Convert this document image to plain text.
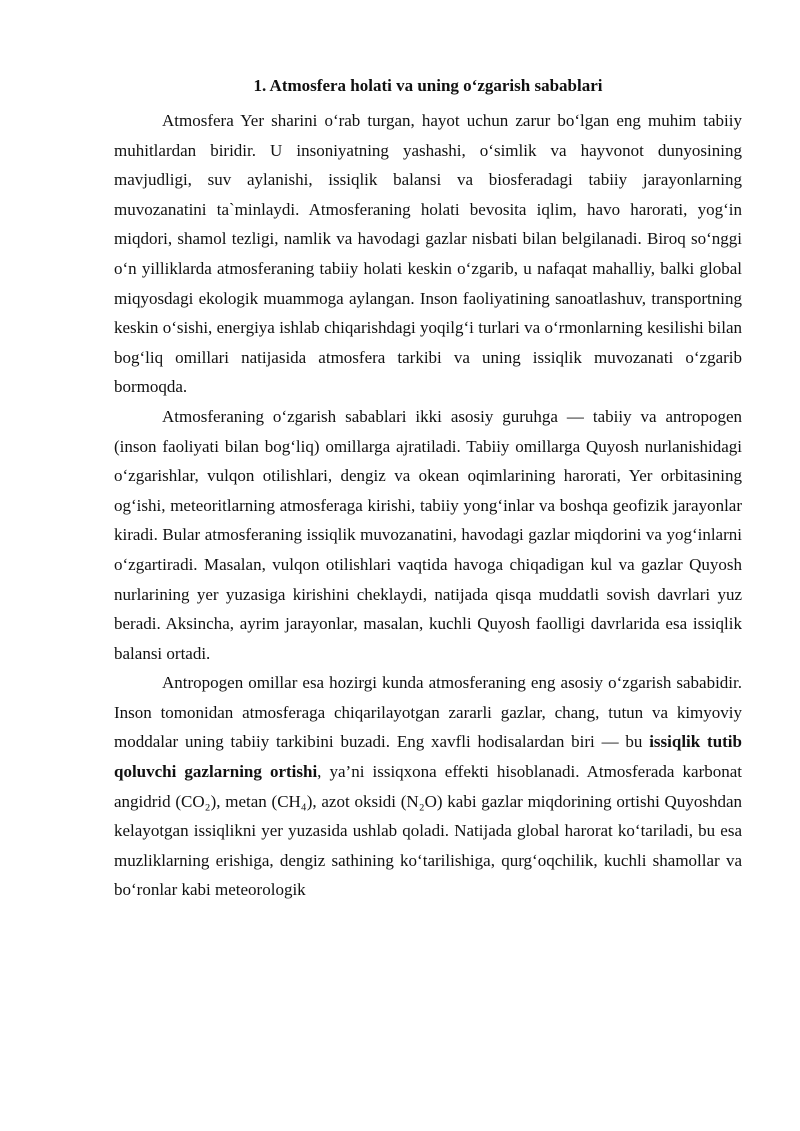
1. Atmosfera holati va uning o‘zgarish sabablari

Atmosfera Yer sharini o‘rab turgan, hayot uchun zarur bo‘lgan eng muhim tabiiy muhitlardan biridir. U insoniyatning yashashi, o‘simlik va hayvonot dunyosining mavjudligi, suv aylanishi, issiqlik balansi va biosferadagi tabiiy jarayonlarning muvozanatini ta`minlaydi. Atmosferaning holati bevosita iqlim, havo harorati, yog‘in miqdori, shamol tezligi, namlik va havodagi gazlar nisbati bilan belgilanadi. Biroq so‘nggi o‘n yilliklarda atmosferaning tabiiy holati keskin o‘zgarib, u nafaqat mahalliy, balki global miqyosdagi ekologik muammoga aylangan. Inson faoliyatining sanoatlashuv, transportning keskin o‘sishi, energiya ishlab chiqarishdagi yoqilg‘i turlari va o‘rmonlarning kesilishi bilan bog‘liq omillari natijasida atmosfera tarkibi va uning issiqlik muvozanati o‘zgarib bormoqda.

Atmosferaning o‘zgarish sabablari ikki asosiy guruhga — tabiiy va antropogen (inson faoliyati bilan bog‘liq) omillarga ajratiladi. Tabiiy omillarga Quyosh nurlanishidagi o‘zgarishlar, vulqon otilishlari, dengiz va okean oqimlarining harorati, Yer orbitasining og‘ishi, meteoritlarning atmosferaga kirishi, tabiiy yong‘inlar va boshqa geofizik jarayonlar kiradi. Bular atmosferaning issiqlik muvozanatini, havodagi gazlar miqdorini va yog‘inlarni o‘zgartiradi. Masalan, vulqon otilishlari vaqtida havoga chiqadigan kul va gazlar Quyosh nurlarining yer yuzasiga kirishini cheklaydi, natijada qisqa muddatli sovish davrlari yuz beradi. Aksincha, ayrim jarayonlar, masalan, kuchli Quyosh faolligi davrlarida esa issiqlik balansi ortadi.

Antropogen omillar esa hozirgi kunda atmosferaning eng asosiy o‘zgarish sababidir. Inson tomonidan atmosferaga chiqarilayotgan zararli gazlar, chang, tutun va kimyoviy moddalar uning tabiiy tarkibini buzadi. Eng xavfli hodisalardan biri — bu issiqlik tutib qoluvchi gazlarning ortishi, ya’ni issiqxona effekti hisoblanadi. Atmosferada karbonat angidrid (CO₂), metan (CH₄), azot oksidi (N₂O) kabi gazlar miqdorining ortishi Quyoshdan kelayotgan issiqlikni yer yuzasida ushlab qoladi. Natijada global harorat ko‘tariladi, bu esa muzliklarning erishiga, dengiz sathining ko‘tarilishiga, qurg‘oqchilik, kuchli shamollar va bo‘ronlar kabi meteorologik
